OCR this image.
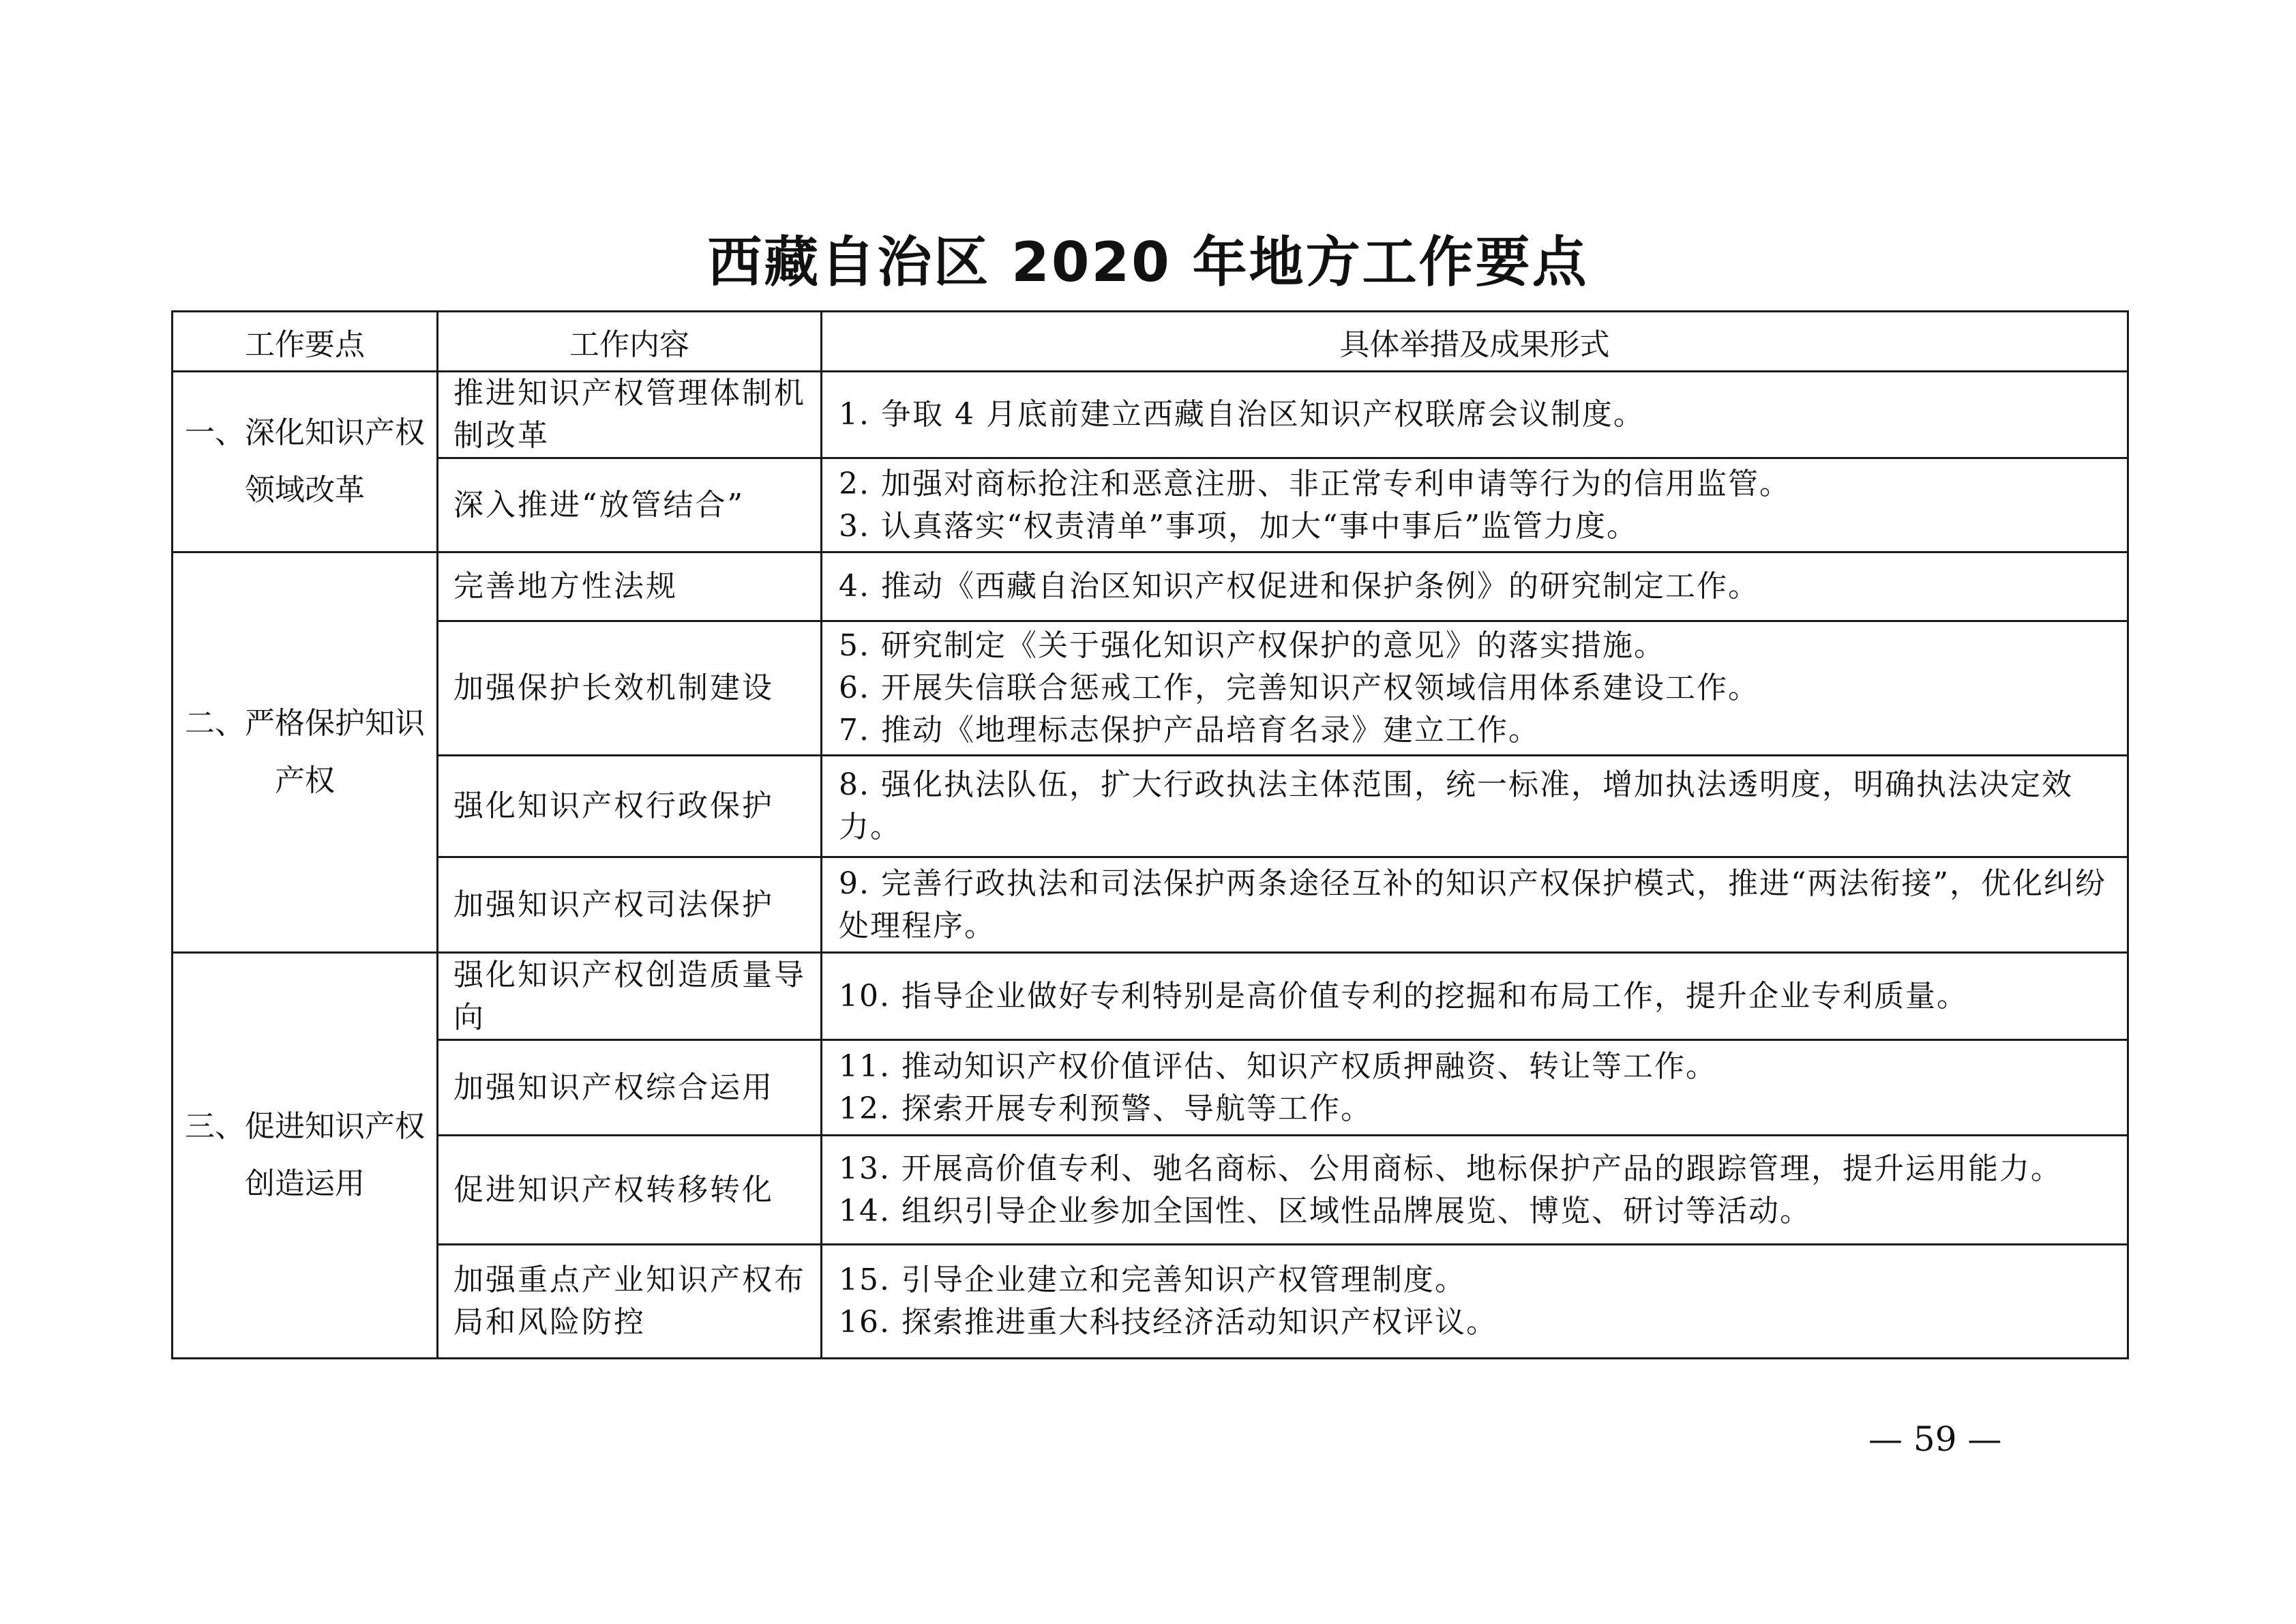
西藏自治区 2020 年地方工作要点
工作要点	工作内容	具体举措及成果形式
一、深化知识产权领域改革	推进知识产权管理体制机制改革	1. 争取 4 月底前建立西藏自治区知识产权联席会议制度。

	深入推进“放管结合”	2. 加强对商标抢注和恶意注册、非正常专利申请等行为的信用监管。
3. 认真落实“权责清单”事项，加大“事中事后”监管力度。

二、严格保护知识产权	完善地方性法规	4. 推动《西藏自治区知识产权促进和保护条例》的研究制定工作。

	加强保护长效机制建设	5. 研究制定《关于强化知识产权保护的意见》的落实措施。
6. 开展失信联合惩戒工作，完善知识产权领域信用体系建设工作。
7. 推动《地理标志保护产品培育名录》建立工作。

	强化知识产权行政保护	8. 强化执法队伍，扩大行政执法主体范围，统一标准，增加执法透明度，明确执法决定效力。

	加强知识产权司法保护	9. 完善行政执法和司法保护两条途径互补的知识产权保护模式，推进“两法衔接”，优化纠纷处理程序。

三、促进知识产权创造运用	强化知识产权创造质量导向	10. 指导企业做好专利特别是高价值专利的挖掘和布局工作，提升企业专利质量。

	加强知识产权综合运用	11. 推动知识产权价值评估、知识产权质押融资、转让等工作。
12. 探索开展专利预警、导航等工作。

	促进知识产权转移转化	13. 开展高价值专利、驰名商标、公用商标、地标保护产品的跟踪管理，提升运用能力。
14. 组织引导企业参加全国性、区域性品牌展览、博览、研讨等活动。

	加强重点产业知识产权布局和风险防控	15. 引导企业建立和完善知识产权管理制度。
16. 探索推进重大科技经济活动知识产权评议。
— 59 —
